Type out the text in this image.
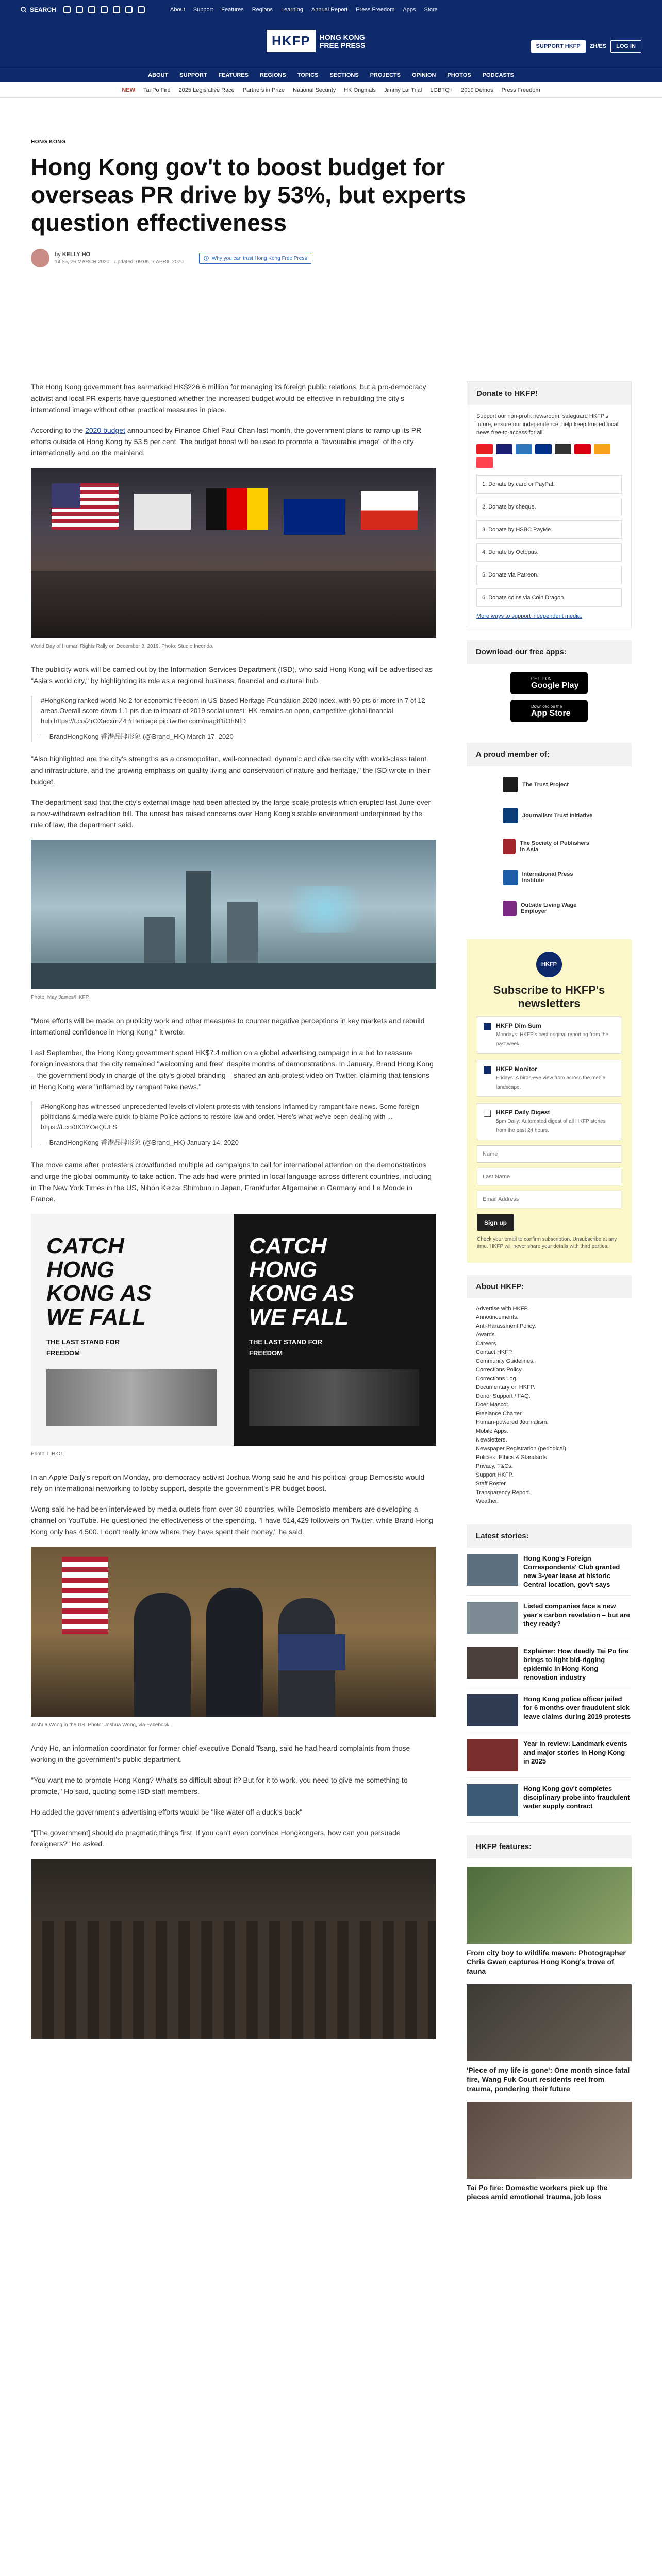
SEARCH	About Support Features Regions Learning Annual Report Press Freedom Apps Store
HKFP	HONG KONG
FREE PRESS	SUPPORT HKFP	ZH/ES	LOG IN
ABOUT SUPPORT FEATURES REGIONS TOPICS SECTIONS PROJECTS OPINION PHOTOS PODCASTS
NEW Tai Po Fire 2025 Legislative Race Partners in Prize National Security HK Originals Jimmy Lai Trial LGBTQ+ 2019 Demos Press Freedom
HONG KONG
Hong Kong gov't to boost budget for overseas PR drive by 53%, but experts question effectiveness
by KELLY HO
14:55, 26 MARCH 2020 Updated: 09:06, 7 APRIL 2020
Why you can trust Hong Kong Free Press

The Hong Kong government has earmarked HK$226.6 million for managing its foreign public relations, but a pro-democracy activist and local PR experts have questioned whether the increased budget would be effective in rebuilding the city's international image without other practical measures in place.

According to the 2020 budget announced by Finance Chief Paul Chan last month, the government plans to ramp up its PR efforts outside of Hong Kong by 53.5 per cent. The budget boost will be used to promote a "favourable image" of the city internationally and on the mainland.

World Day of Human Rights Rally on December 8, 2019. Photo: Studio Incendo.

The publicity work will be carried out by the Information Services Department (ISD), who said Hong Kong will be advertised as "Asia's world city," by highlighting its role as a regional business, financial and cultural hub.

#HongKong ranked world No 2 for economic freedom in US-based Heritage Foundation 2020 index, with 90 pts or more in 7 of 12 areas.Overall score down 1.1 pts due to impact of 2019 social unrest. HK remains an open, competitive global financial hub.https://t.co/ZrOXacxmZ4 #Heritage pic.twitter.com/mag81iOhNfD
— BrandHongKong 香港品牌形象 (@Brand_HK) March 17, 2020

"Also highlighted are the city's strengths as a cosmopolitan, well-connected, dynamic and diverse city with world-class talent and infrastructure, and the growing emphasis on quality living and conservation of nature and heritage," the ISD wrote in their budget.

The department said that the city's external image had been affected by the large-scale protests which erupted last June over a now-withdrawn extradition bill. The unrest has raised concerns over Hong Kong's stable environment underpinned by the rule of law, the department said.

Photo: May James/HKFP.

"More efforts will be made on publicity work and other measures to counter negative perceptions in key markets and rebuild international confidence in Hong Kong," it wrote.

Last September, the Hong Kong government spent HK$7.4 million on a global advertising campaign in a bid to reassure foreign investors that the city remained "welcoming and free" despite months of demonstrations. In January, Brand Hong Kong – the government body in charge of the city's global branding – shared an anti-protest video on Twitter, claiming that tensions in Hong Kong were "inflamed by rampant fake news."

#HongKong has witnessed unprecedented levels of violent protests with tensions inflamed by rampant fake news. Some foreign politicians & media were quick to blame Police actions to restore law and order. Here's what we've been dealing with ... https://t.co/0X3YOeQULS
— BrandHongKong 香港品牌形象 (@Brand_HK) January 14, 2020

The move came after protesters crowdfunded multiple ad campaigns to call for international attention on the demonstrations and urge the global community to take action. The ads had were printed in local language across different countries, including in The New York Times in the US, Nihon Keizai Shimbun in Japan, Frankfurter Allgemeine in Germany and Le Monde in France.

CATCH HONG KONG AS WE FALL
THE LAST STAND FOR FREEDOM
CATCH HONG KONG AS WE FALL
THE LAST STAND FOR FREEDOM
Photo: LIHKG.

In an Apple Daily's report on Monday, pro-democracy activist Joshua Wong said he and his political group Demosisto would rely on international networking to lobby support, despite the government's PR budget boost.

Wong said he had been interviewed by media outlets from over 30 countries, while Demosisto members are developing a channel on YouTube. He questioned the effectiveness of the spending. "I have 514,429 followers on Twitter, while Brand Hong Kong only has 4,500. I don't really know where they have spent their money," he said.

Joshua Wong in the US. Photo: Joshua Wong, via Facebook.

Andy Ho, an information coordinator for former chief executive Donald Tsang, said he had heard complaints from those working in the government's public department.

"You want me to promote Hong Kong? What's so difficult about it? But for it to work, you need to give me something to promote," Ho said, quoting some ISD staff members.

Ho added the government's advertising efforts would be "like water off a duck's back"

"[The government] should do pragmatic things first. If you can't even convince Hongkongers, how can you persuade foreigners?" Ho asked.

Donate to HKFP!
Support our non-profit newsroom: safeguard HKFP's future, ensure our independence, help keep trusted local news free-to-access for all.
1. Donate by card or PayPal.
2. Donate by cheque.
3. Donate by HSBC PayMe.
4. Donate by Octopus.
5. Donate via Patreon.
6. Donate coins via Coin Dragon.
More ways to support independent media.
Download our free apps:
GET IT ON
Google Play
Download on the
App Store
A proud member of:
The Trust Project
Journalism Trust Initiative
The Society of Publishers in Asia
International Press Institute
Outside Living Wage Employer
HKFP
Subscribe to HKFP's newsletters
HKFP Dim Sum
Mondays: HKFP's best original reporting from the past week.
HKFP Monitor
Fridays: A birds-eye view from across the media landscape.
HKFP Daily Digest
5pm Daily: Automated digest of all HKFP stories from the past 24 hours.
Name Last Name Email Address Sign up
Check your email to confirm subscription. Unsubscribe at any time. HKFP will never share your details with third parties.
About HKFP:
Advertise with HKFP.
Announcements.
Anti-Harassment Policy.
Awards.
Careers.
Contact HKFP.
Community Guidelines.
Corrections Policy.
Corrections Log.
Documentary on HKFP.
Donor Support / FAQ.
Doer Mascot.
Freelance Charter.
Human-powered Journalism.
Mobile Apps.
Newsletters.
Newspaper Registration (periodical).
Policies, Ethics & Standards.
Privacy, T&Cs.
Support HKFP.
Staff Roster.
Transparency Report.
Weather.
Latest stories:
Hong Kong's Foreign Correspondents' Club granted new 3-year lease at historic Central location, gov't says
Listed companies face a new year's carbon revelation – but are they ready?
Explainer: How deadly Tai Po fire brings to light bid-rigging epidemic in Hong Kong renovation industry
Hong Kong police officer jailed for 6 months over fraudulent sick leave claims during 2019 protests
Year in review: Landmark events and major stories in Hong Kong in 2025
Hong Kong gov't completes disciplinary probe into fraudulent water supply contract
HKFP features:
From city boy to wildlife maven: Photographer Chris Gwen captures Hong Kong's trove of fauna
'Piece of my life is gone': One month since fatal fire, Wang Fuk Court residents reel from trauma, pondering their future
Tai Po fire: Domestic workers pick up the pieces amid emotional trauma, job loss
